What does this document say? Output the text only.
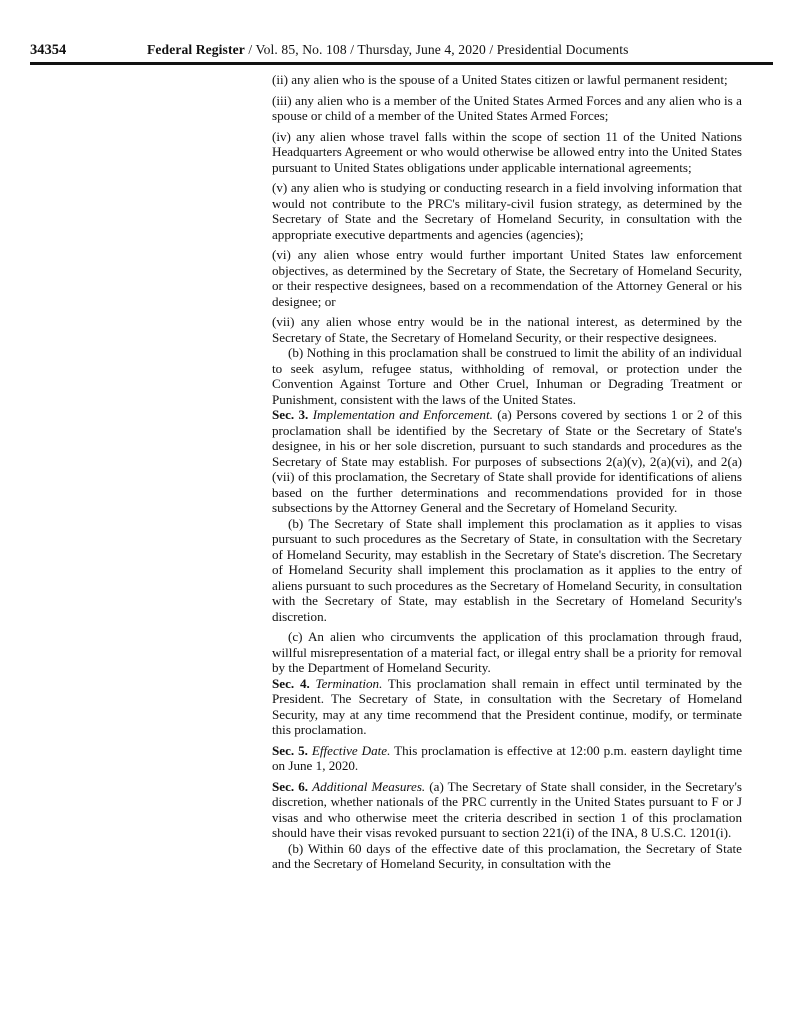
34354	Federal Register / Vol. 85, No. 108 / Thursday, June 4, 2020 / Presidential Documents

(ii) any alien who is the spouse of a United States citizen or lawful permanent resident;

(iii) any alien who is a member of the United States Armed Forces and any alien who is a spouse or child of a member of the United States Armed Forces;

(iv) any alien whose travel falls within the scope of section 11 of the United Nations Headquarters Agreement or who would otherwise be allowed entry into the United States pursuant to United States obligations under applicable international agreements;

(v) any alien who is studying or conducting research in a field involving information that would not contribute to the PRC's military-civil fusion strategy, as determined by the Secretary of State and the Secretary of Homeland Security, in consultation with the appropriate executive departments and agencies (agencies);

(vi) any alien whose entry would further important United States law enforcement objectives, as determined by the Secretary of State, the Secretary of Homeland Security, or their respective designees, based on a recommendation of the Attorney General or his designee; or

(vii) any alien whose entry would be in the national interest, as determined by the Secretary of State, the Secretary of Homeland Security, or their respective designees.

(b) Nothing in this proclamation shall be construed to limit the ability of an individual to seek asylum, refugee status, withholding of removal, or protection under the Convention Against Torture and Other Cruel, Inhuman or Degrading Treatment or Punishment, consistent with the laws of the United States.

Sec. 3. Implementation and Enforcement. (a) Persons covered by sections 1 or 2 of this proclamation shall be identified by the Secretary of State or the Secretary of State's designee, in his or her sole discretion, pursuant to such standards and procedures as the Secretary of State may establish. For purposes of subsections 2(a)(v), 2(a)(vi), and 2(a)(vii) of this proclamation, the Secretary of State shall provide for identifications of aliens based on the further determinations and recommendations provided for in those subsections by the Attorney General and the Secretary of Homeland Security.

(b) The Secretary of State shall implement this proclamation as it applies to visas pursuant to such procedures as the Secretary of State, in consultation with the Secretary of Homeland Security, may establish in the Secretary of State's discretion. The Secretary of Homeland Security shall implement this proclamation as it applies to the entry of aliens pursuant to such procedures as the Secretary of Homeland Security, in consultation with the Secretary of State, may establish in the Secretary of Homeland Security's discretion.

(c) An alien who circumvents the application of this proclamation through fraud, willful misrepresentation of a material fact, or illegal entry shall be a priority for removal by the Department of Homeland Security.

Sec. 4. Termination. This proclamation shall remain in effect until terminated by the President. The Secretary of State, in consultation with the Secretary of Homeland Security, may at any time recommend that the President continue, modify, or terminate this proclamation.

Sec. 5. Effective Date. This proclamation is effective at 12:00 p.m. eastern daylight time on June 1, 2020.

Sec. 6. Additional Measures. (a) The Secretary of State shall consider, in the Secretary's discretion, whether nationals of the PRC currently in the United States pursuant to F or J visas and who otherwise meet the criteria described in section 1 of this proclamation should have their visas revoked pursuant to section 221(i) of the INA, 8 U.S.C. 1201(i).

(b) Within 60 days of the effective date of this proclamation, the Secretary of State and the Secretary of Homeland Security, in consultation with the
